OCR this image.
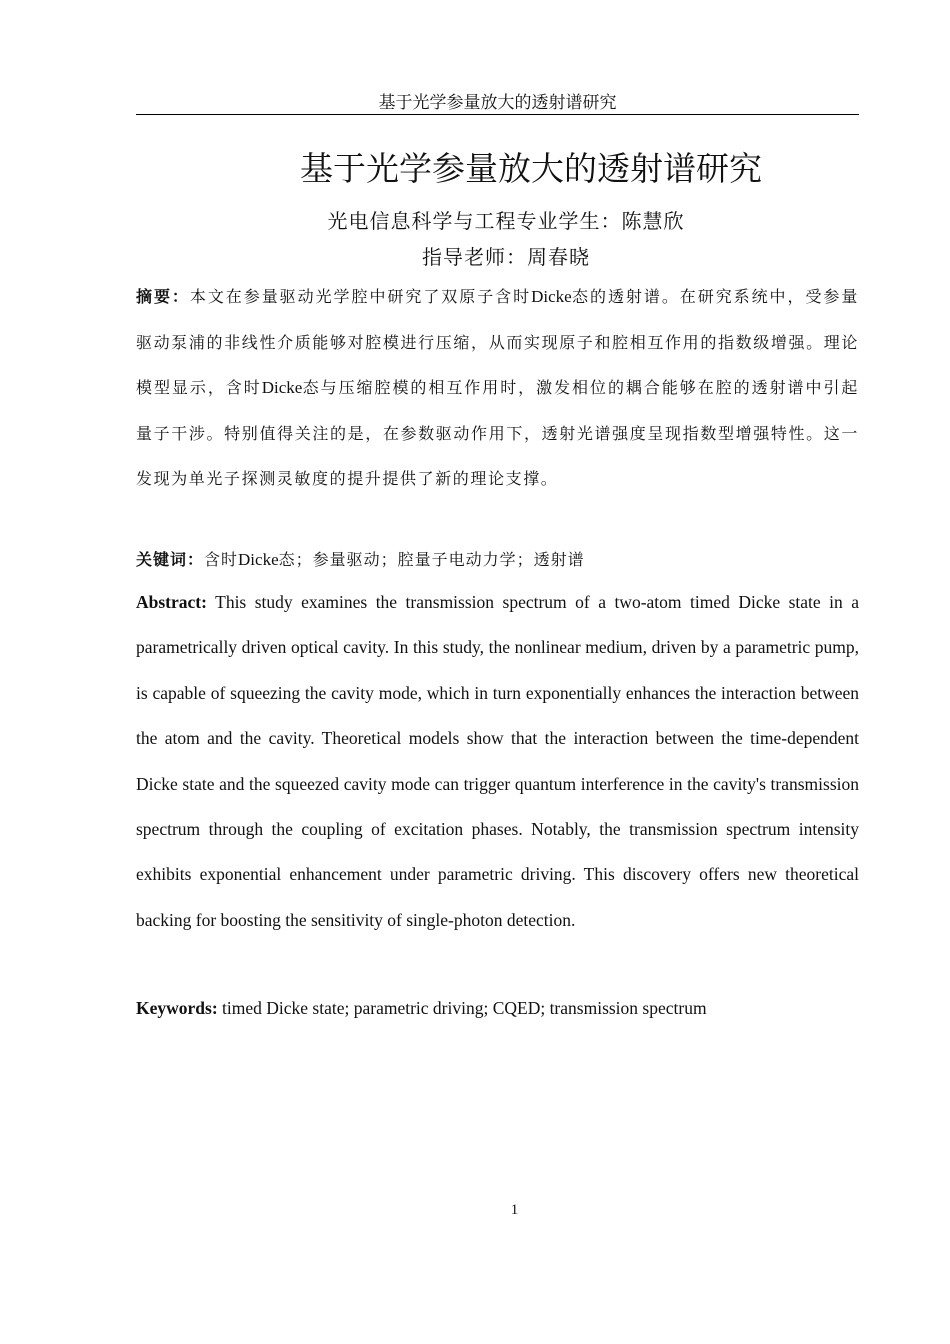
基于光学参量放大的透射谱研究
基于光学参量放大的透射谱研究
光电信息科学与工程专业学生：陈慧欣
指导老师：周春晓
摘要：本文在参量驱动光学腔中研究了双原子含时Dicke态的透射谱。在研究系统中，受参量驱动泵浦的非线性介质能够对腔模进行压缩，从而实现原子和腔相互作用的指数级增强。理论模型显示，含时Dicke态与压缩腔模的相互作用时，激发相位的耦合能够在腔的透射谱中引起量子干涉。特别值得关注的是，在参数驱动作用下，透射光谱强度呈现指数型增强特性。这一发现为单光子探测灵敏度的提升提供了新的理论支撑。
关键词：含时Dicke态；参量驱动；腔量子电动力学；透射谱
Abstract: This study examines the transmission spectrum of a two-atom timed Dicke state in a parametrically driven optical cavity. In this study, the nonlinear medium, driven by a parametric pump, is capable of squeezing the cavity mode, which in turn exponentially enhances the interaction between the atom and the cavity. Theoretical models show that the interaction between the time-dependent Dicke state and the squeezed cavity mode can trigger quantum interference in the cavity's transmission spectrum through the coupling of excitation phases. Notably, the transmission spectrum intensity exhibits exponential enhancement under parametric driving. This discovery offers new theoretical backing for boosting the sensitivity of single-photon detection.
Keywords: timed Dicke state; parametric driving; CQED; transmission spectrum
1
